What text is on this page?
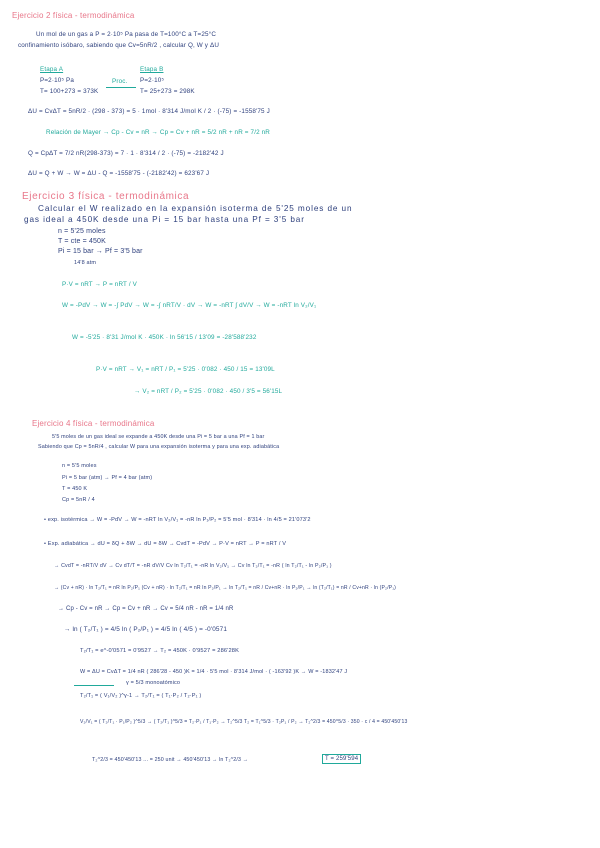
Ejercicio 2 física - termodinámica
Un mol de un gas a P = 2·10⁵ Pa pasa de T=100°C a T=25°C
confinamiento isóbaro, sabiendo que Cv=5nR/2 , calcular Q, W y ΔU
Etapa A	Etapa B
P=2·10⁵ Pa	Proc. P=2·10⁵
T= 100+273 = 373K	T= 25+273 = 298K
ΔU = CvΔT = 5nR/2 · (298 - 373) = 5 · 1mol · 8'314 J/mol K / 2 · (-75) = -1558'75 J
Relación de Mayer → Cp - Cv = nR → Cp = Cv + nR = 5/2 nR + nR = 7/2 nR
Q = CpΔT = 7/2 nR(298-373) = 7 · 1 · 8'314 / 2 · (-75) = -2182'42 J
ΔU = Q + W → W = ΔU - Q = -1558'75 - (-2182'42) = 623'67 J
Ejercicio 3 física - termodinámica
Calcular el W realizado en la expansión isoterma de 5'25 moles de un
gas ideal a 450K desde una Pi = 15 bar hasta una Pf = 3'5 bar
n = 5'25 moles
T = cte = 450K
Pi = 15 bar → Pf = 3'5 bar
14'8 atm
P·V = nRT → P = nRT / V
W = -PdV → W = -∫ PdV → W = -∫ nRT/V · dV → W = -nRT ∫ dV/V → W = -nRT ln V₂/V₁
W = -5'25 · 8'31 J/mol K · 450K · ln 56'15 / 13'09 = -28'588'232
P·V = nRT → V₁ = nRT / P₁ = 5'25 · 0'082 · 450 / 15 = 13'09L
→ V₂ = nRT / P₂ = 5'25 · 0'082 · 450 / 3'5 = 56'15L
Ejercicio 4 física - termodinámica
5'5 moles de un gas ideal se expande a 450K desde una Pi = 5 bar a una Pf = 1 bar
Sabiendo que Cp = 5nR/4 , calcular W para una expansión isoterma y para una exp. adiabática
n = 5'5 moles
Pi = 5 bar (atm) → Pf = 4 bar (atm)
T = 450 K
Cp = 5nR / 4
• exp. isotérmica → W = -PdV → W = -nRT ln V₂/V₁ = -nR ln P₁/P₂ = 5'5 mol · 8'314 · ln 4/5 = 21'073'2
• Exp. adiabática → dU = δQ + δW → dU = δW → CvdT = -PdV → P·V = nRT → P = nRT / V
→ CvdT = -nRT/V dV → Cv dT/T = -nR dV/V Cv ln T₂/T₁ = -nR ln V₂/V₁ → Cv ln T₂/T₁ = -nR ( ln T₂/T₁ - ln P₂/P₁ )
→ (Cv + nR) · ln T₂/T₁ = nR ln P₂/P₁ (Cv + nR) · ln T₂/T₁ = nR ln P₂/P₁ → ln T₂/T₁ = nR / Cv+nR · ln P₂/P₁ → ln (T₂/T₁) = nR / Cv+nR · ln (P₂/P₁)
→ Cp - Cv = nR → Cp = Cv + nR → Cv = 5/4 nR - nR = 1/4 nR
→ ln ( T₂/T₁ ) = 4/5 ln ( P₂/P₁ ) = 4/5 ln ( 4/5 ) = -0'0571
T₂/T₁ = e^-0'0571 = 0'9527 → T₂ = 450K · 0'9527 = 286'28K
W = ΔU = CvΔT = 1/4 nR ( 286'28 - 450 )K = 1/4 · 5'5 mol · 8'314 J/mol · ( -163'92 )K → W = -1832'47 J
γ = 5/3 monoatómico
T₂/T₁ = ( V₁/V₂ )^γ-1 → T₂/T₁ = ( T₁·P₂ / T₂·P₁ )
V₂/V₁ = ( T₂/T₁ · P₁/P₂ )^5/3 → ( T₂/T₁ )^5/3 = T₂·P₁ / T₁·P₂ → T₂^5/3 T₂ = T₁^5/3 · T₂P₁ / P₂ → T₂^2/3 = 450^5/3 · 350 · c / 4 = 450'450'13
T₂^2/3 = 450'450'13 ... = 250 unit → 450'450'13 → ln T₂^2/3 →	T = 259'594
